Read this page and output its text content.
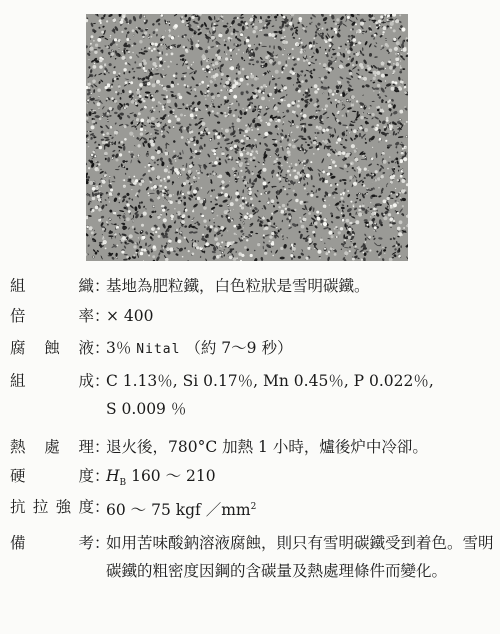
組	織 ：
基地為肥粒鐵，白色粒狀是雪明碳鐵。
倍	率 ：
× 400
腐 蝕 液 ：
3％ Nital （約 7～9 秒）
組	成 ：
C 1.13％, Si 0.17％, Mn 0.45％, P 0.022％,
S 0.009 ％
熱 處 理 ：
退火後，780°C 加熱 1 小時，爐後炉中冷卻。
硬	度 ：
$H_B$ 160 ～ 210
抗 拉 強 度 ：
60 ～ 75 kgf $/mm^2$
備	考 ：
如用苦味酸鈉溶液腐蝕，則只有雪明碳鐵受到着色。雪明碳鐵的粗密度因鋼的含碳量及熱處理條件而變化。
